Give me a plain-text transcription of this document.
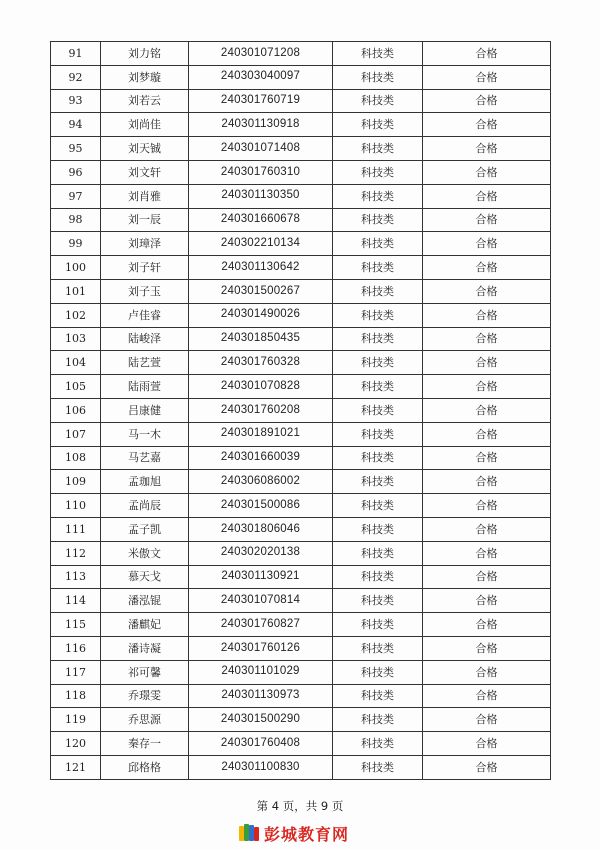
91	刘力铭	240301071208	科技类	合格
92	刘梦璇	240303040097	科技类	合格
93	刘若云	240301760719	科技类	合格
94	刘尚佳	240301130918	科技类	合格
95	刘天铖	240301071408	科技类	合格
96	刘文轩	240301760310	科技类	合格
97	刘肖雅	240301130350	科技类	合格
98	刘一辰	240301660678	科技类	合格
99	刘璋泽	240302210134	科技类	合格
100	刘子轩	240301130642	科技类	合格
101	刘子玉	240301500267	科技类	合格
102	卢佳睿	240301490026	科技类	合格
103	陆峻泽	240301850435	科技类	合格
104	陆艺萱	240301760328	科技类	合格
105	陆雨萱	240301070828	科技类	合格
106	吕康健	240301760208	科技类	合格
107	马一木	240301891021	科技类	合格
108	马艺嘉	240301660039	科技类	合格
109	孟珈旭	240306086002	科技类	合格
110	孟尚辰	240301500086	科技类	合格
111	孟子凯	240301806046	科技类	合格
112	米傲文	240302020138	科技类	合格
113	慕天戈	240301130921	科技类	合格
114	潘泓锟	240301070814	科技类	合格
115	潘麒妃	240301760827	科技类	合格
116	潘诗凝	240301760126	科技类	合格
117	祁可馨	240301101029	科技类	合格
118	乔璟雯	240301130973	科技类	合格
119	乔思源	240301500290	科技类	合格
120	秦存一	240301760408	科技类	合格
121	邱格格	240301100830	科技类	合格
第 4 页，共 9 页
彭城教育网
